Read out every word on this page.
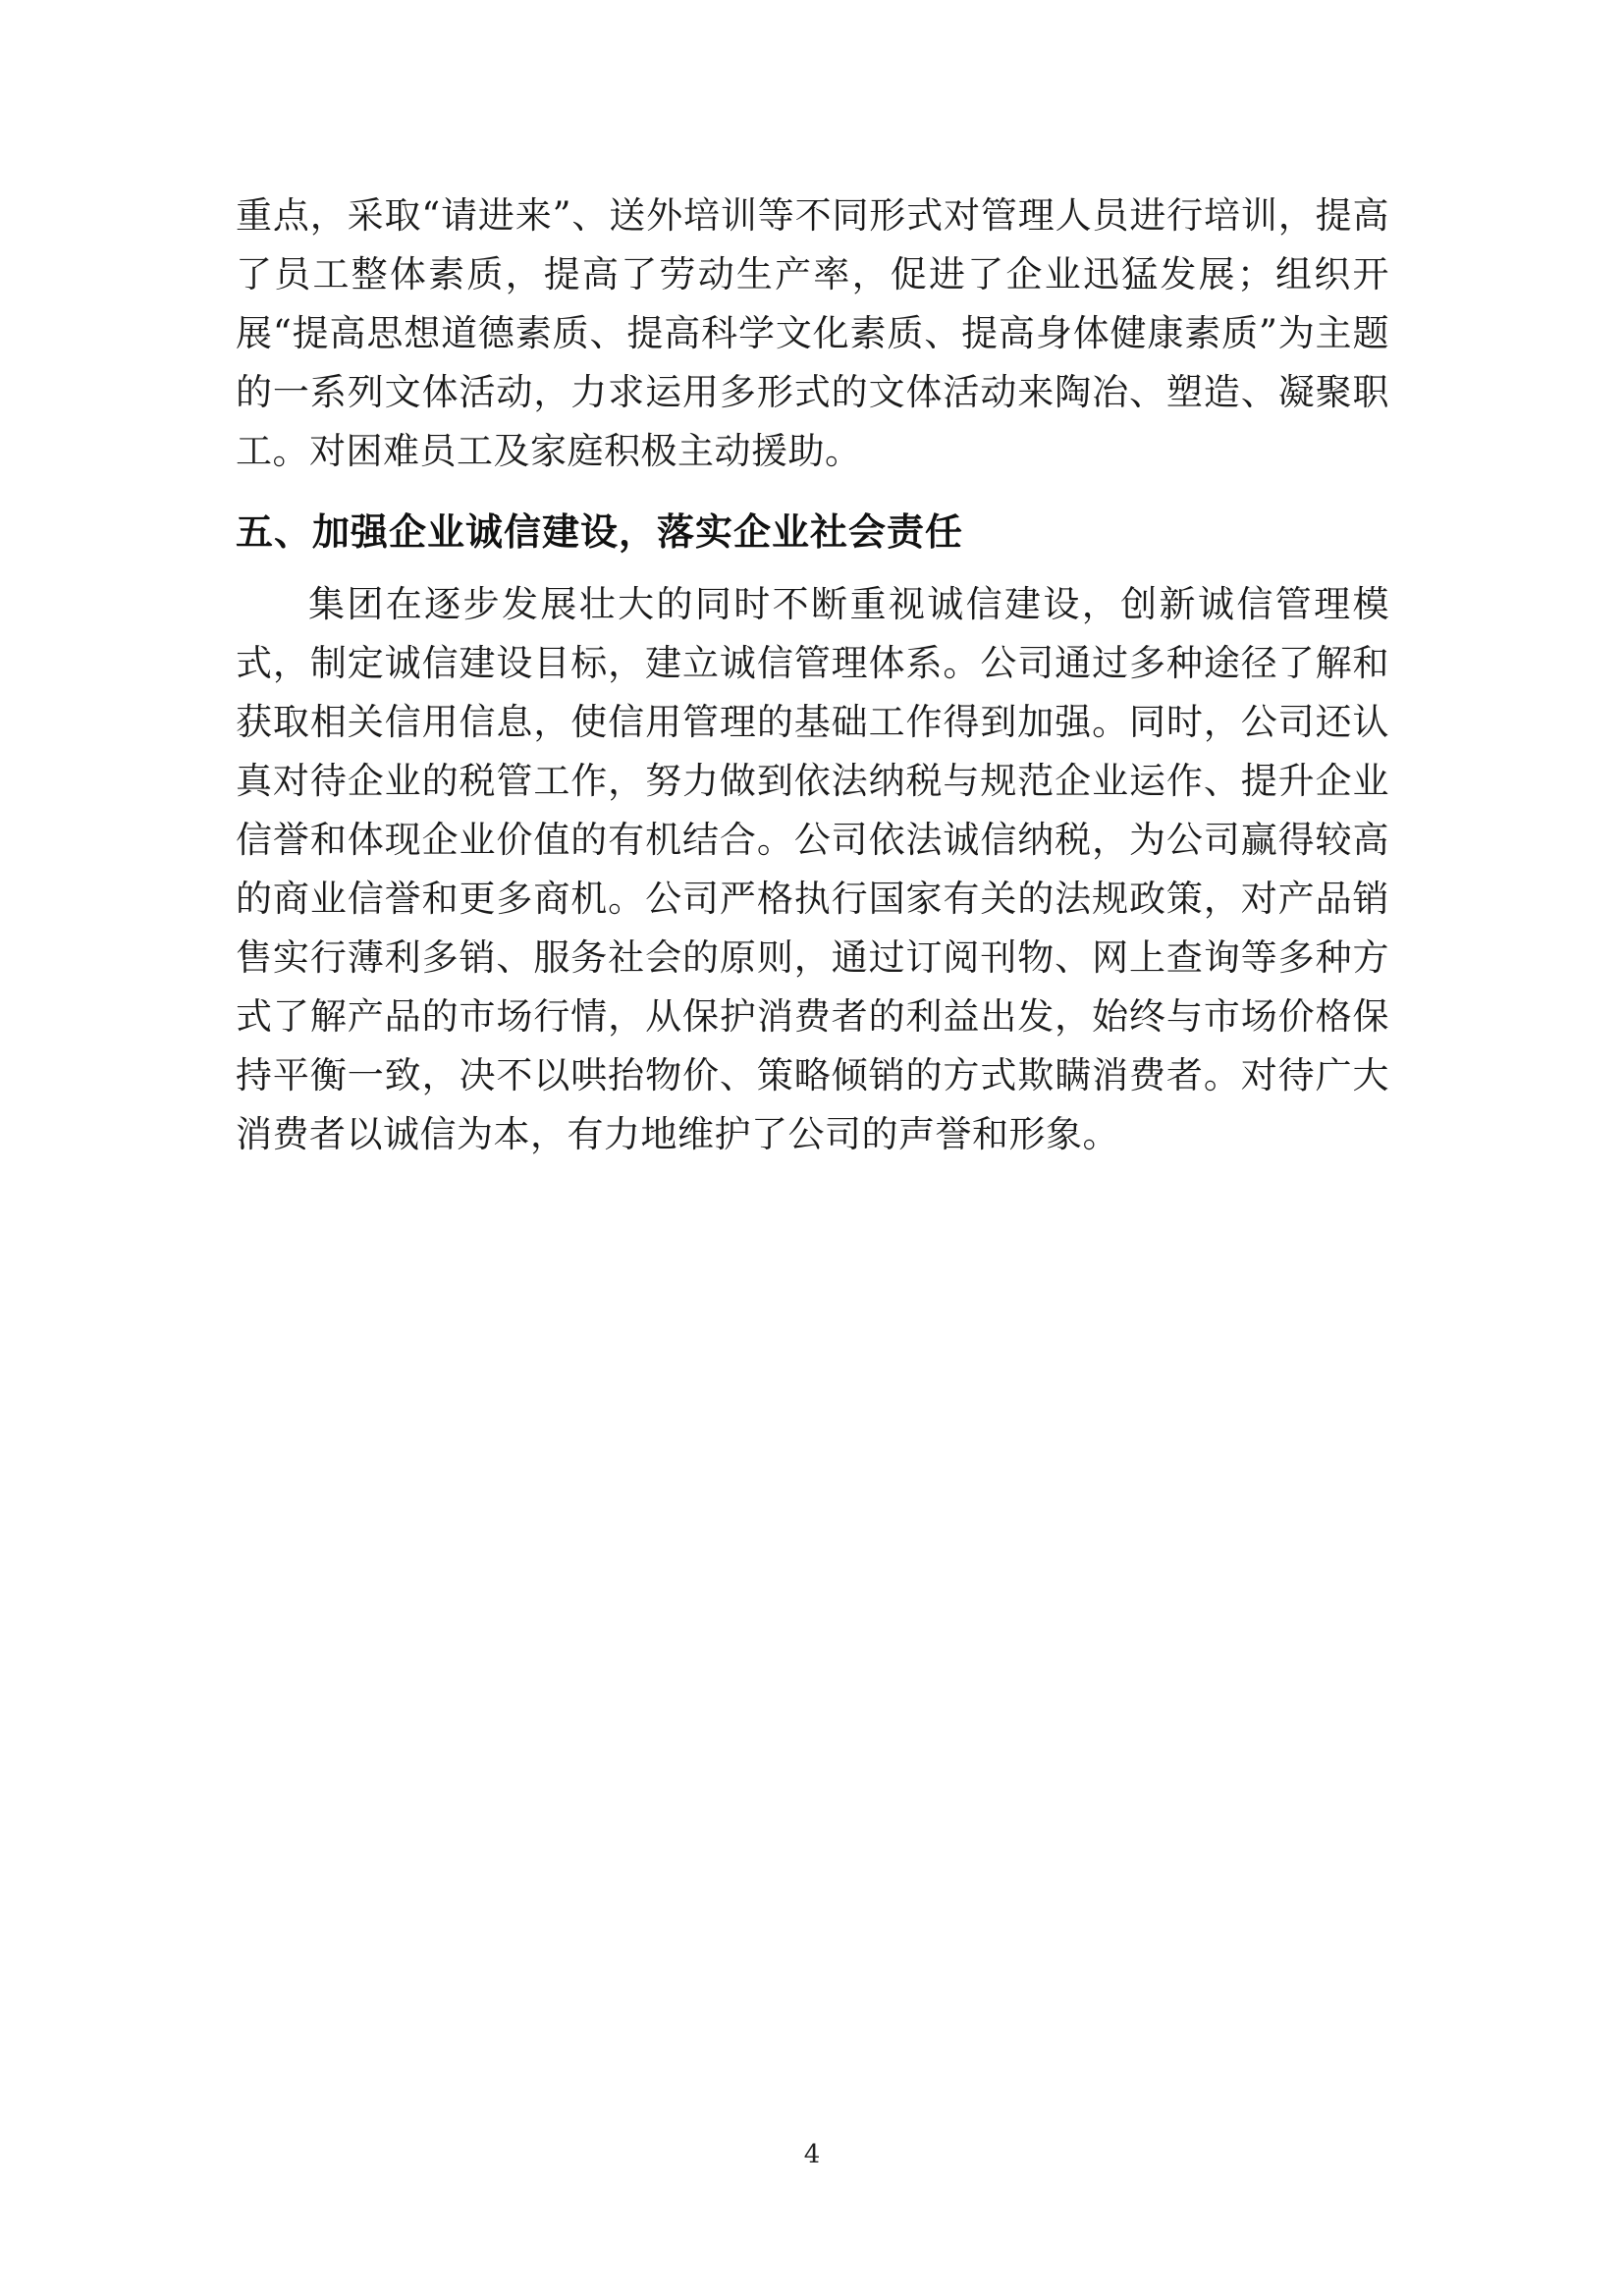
重点，采取“请进来”、送外培训等不同形式对管理人员进行培训，提高了员工整体素质，提高了劳动生产率，促进了企业迅猛发展；组织开展“提高思想道德素质、提高科学文化素质、提高身体健康素质”为主题的一系列文体活动，力求运用多形式的文体活动来陶冶、塑造、凝聚职工。对困难员工及家庭积极主动援助。

五、加强企业诚信建设，落实企业社会责任

集团在逐步发展壮大的同时不断重视诚信建设，创新诚信管理模式，制定诚信建设目标，建立诚信管理体系。公司通过多种途径了解和获取相关信用信息，使信用管理的基础工作得到加强。同时，公司还认真对待企业的税管工作，努力做到依法纳税与规范企业运作、提升企业信誉和体现企业价值的有机结合。公司依法诚信纳税，为公司赢得较高的商业信誉和更多商机。公司严格执行国家有关的法规政策，对产品销售实行薄利多销、服务社会的原则，通过订阅刊物、网上查询等多种方式了解产品的市场行情，从保护消费者的利益出发，始终与市场价格保持平衡一致，决不以哄抬物价、策略倾销的方式欺瞒消费者。对待广大消费者以诚信为本，有力地维护了公司的声誉和形象。

4
